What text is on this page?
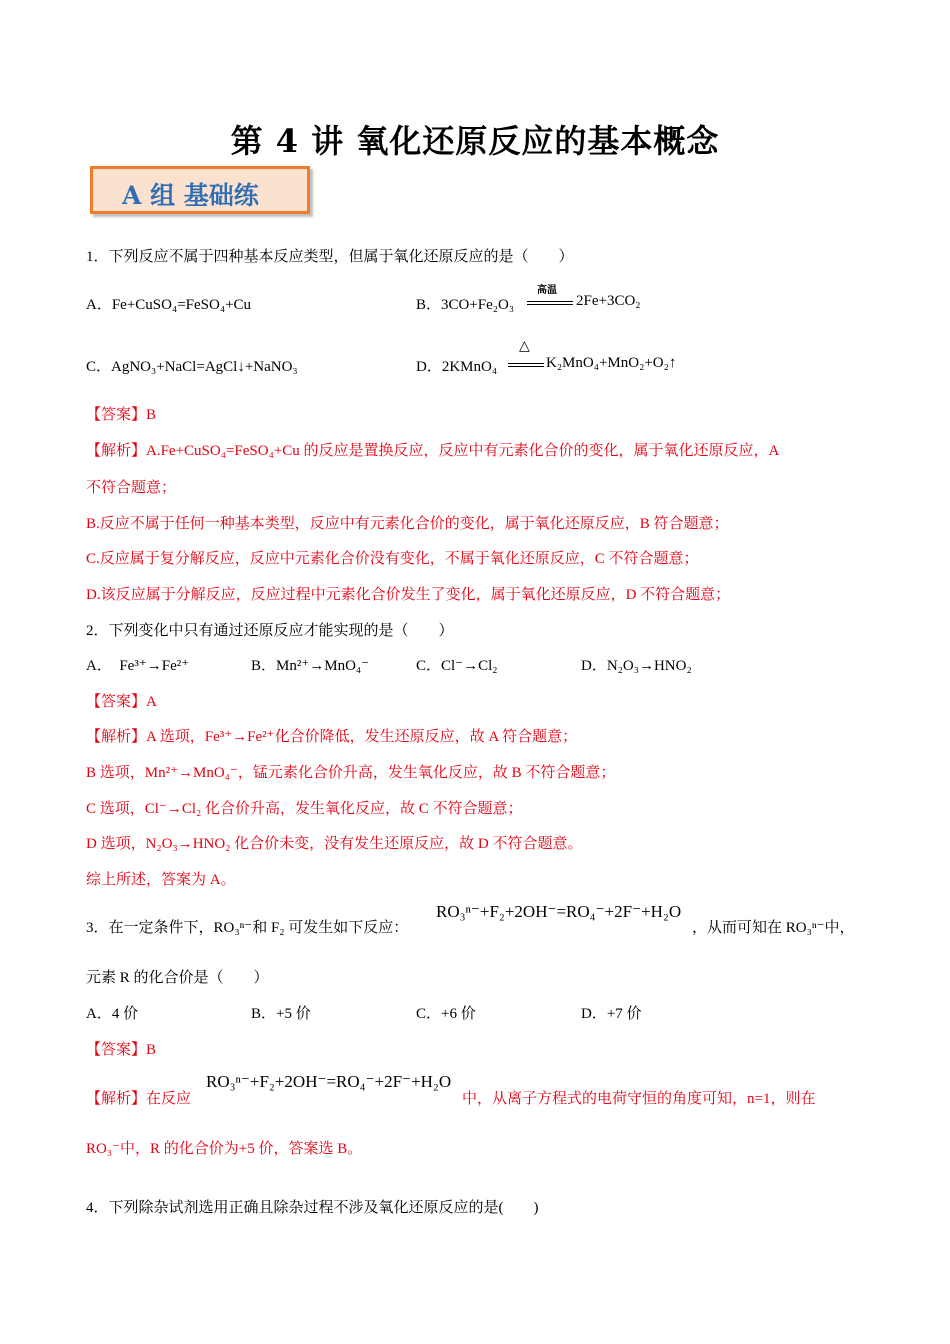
第 4 讲 氧化还原反应的基本概念
A 组 基础练
1．下列反应不属于四种基本反应类型，但属于氧化还原反应的是（　　）
A．Fe+CuSO₄=FeSO₄+Cu	B．3CO+Fe₂O₃
高温
2Fe+3CO₂
C．AgNO₃+NaCl=AgCl↓+NaNO₃	D．2KMnO₄
△
K₂MnO₄+MnO₂+O₂↑
【答案】B
【解析】A.Fe+CuSO₄=FeSO₄+Cu 的反应是置换反应，反应中有元素化合价的变化，属于氧化还原反应，A
不符合题意；
B.反应不属于任何一种基本类型，反应中有元素化合价的变化，属于氧化还原反应，B 符合题意；
C.反应属于复分解反应，反应中元素化合价没有变化，不属于氧化还原反应，C 不符合题意；
D.该反应属于分解反应，反应过程中元素化合价发生了变化，属于氧化还原反应，D 不符合题意；
2．下列变化中只有通过还原反应才能实现的是（　　）
A．　Fe³⁺→Fe²⁺	B．Mn²⁺→MnO₄⁻	C．Cl⁻→Cl₂	D．N₂O₃→HNO₂
【答案】A
【解析】A 选项，Fe³⁺→Fe²⁺化合价降低，发生还原反应，故 A 符合题意；
B 选项，Mn²⁺→MnO₄⁻，锰元素化合价升高，发生氧化反应，故 B 不符合题意；
C 选项，Cl⁻→Cl₂ 化合价升高，发生氧化反应，故 C 不符合题意；
D 选项，N₂O₃→HNO₂ 化合价未变，没有发生还原反应，故 D 不符合题意。
综上所述，答案为 A。
3．在一定条件下，RO₃ⁿ⁻和 F₂ 可发生如下反应：
RO₃ⁿ⁻+F₂+2OH⁻=RO₄⁻+2F⁻+H₂O
，从而可知在 RO₃ⁿ⁻中，
元素 R 的化合价是（　　）
A．4 价	B．+5 价	C．+6 价	D．+7 价
【答案】B
【解析】在反应
RO₃ⁿ⁻+F₂+2OH⁻=RO₄⁻+2F⁻+H₂O
中，从离子方程式的电荷守恒的角度可知，n=1，则在
RO₃⁻中，R 的化合价为+5 价，答案选 B。
4．下列除杂试剂选用正确且除杂过程不涉及氧化还原反应的是(　　)
